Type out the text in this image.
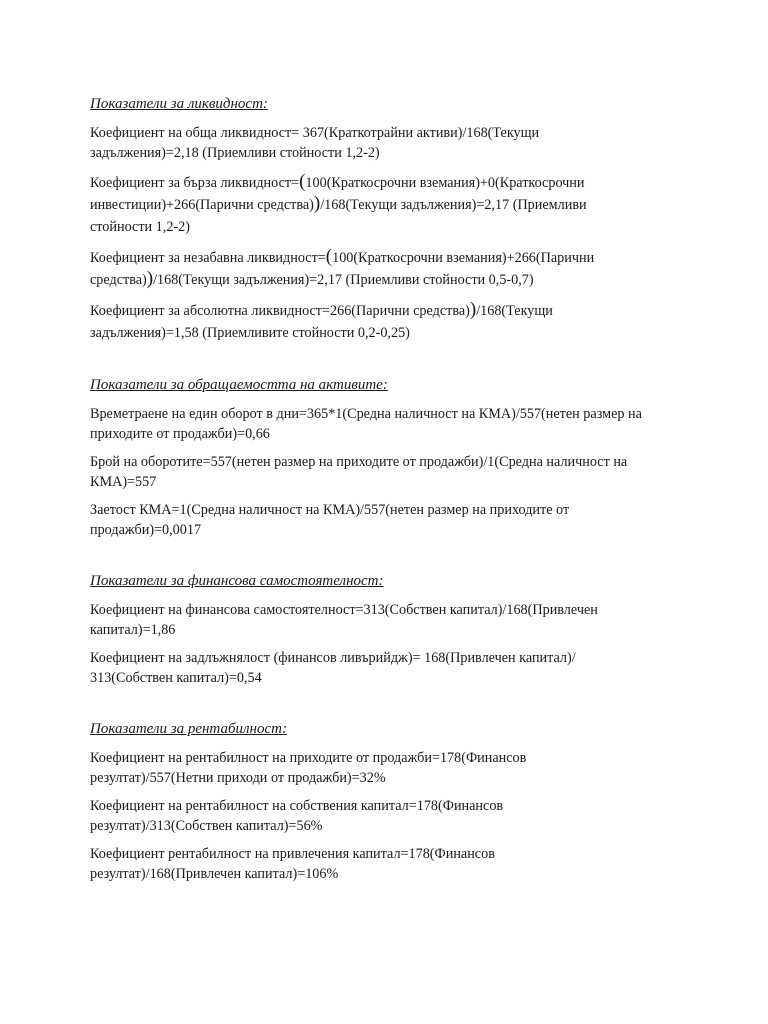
Показатели за ликвидност:

Коефициент на обща ликвидност= 367(Краткотрайни активи)/168(Текущи задължения)=2,18 (Приемливи стойности 1,2-2)

Коефициент за бърза ликвидност=(100(Краткосрочни вземания)+0(Краткосрочни инвестиции)+266(Парични средства))/168(Текущи задължения)=2,17 (Приемливи стойности 1,2-2)

Коефициент за незабавна ликвидност=(100(Краткосрочни вземания)+266(Парични средства))/168(Текущи задължения)=2,17 (Приемливи стойности 0,5-0,7)

Коефициент за абсолютна ликвидност=266(Парични средства))/168(Текущи задължения)=1,58 (Приемливите стойности 0,2-0,25)

Показатели за обращаемостта на активите:

Времетраене на един оборот в дни=365*1(Средна наличност на КМА)/557(нетен размер на приходите от продажби)=0,66

Брой на оборотите=557(нетен размер на приходите от продажби)/1(Средна наличност на КМА)=557

Заетост КМА=1(Средна наличност на КМА)/557(нетен размер на приходите от продажби)=0,0017

Показатели за финансова самостоятелност:

Коефициент на финансова самостоятелност=313(Собствен капитал)/168(Привлечен капитал)=1,86

Коефициент на задлъжнялост (финансов ливърийдж)= 168(Привлечен капитал)/ 313(Собствен капитал)=0,54

Показатели за рентабилност:

Коефициент на рентабилност на приходите от продажби=178(Финансов резултат)/557(Нетни приходи от продажби)=32%

Коефициент на рентабилност на собствения капитал=178(Финансов резултат)/313(Собствен капитал)=56%

Коефициент рентабилност на привлечения капитал=178(Финансов резултат)/168(Привлечен капитал)=106%
